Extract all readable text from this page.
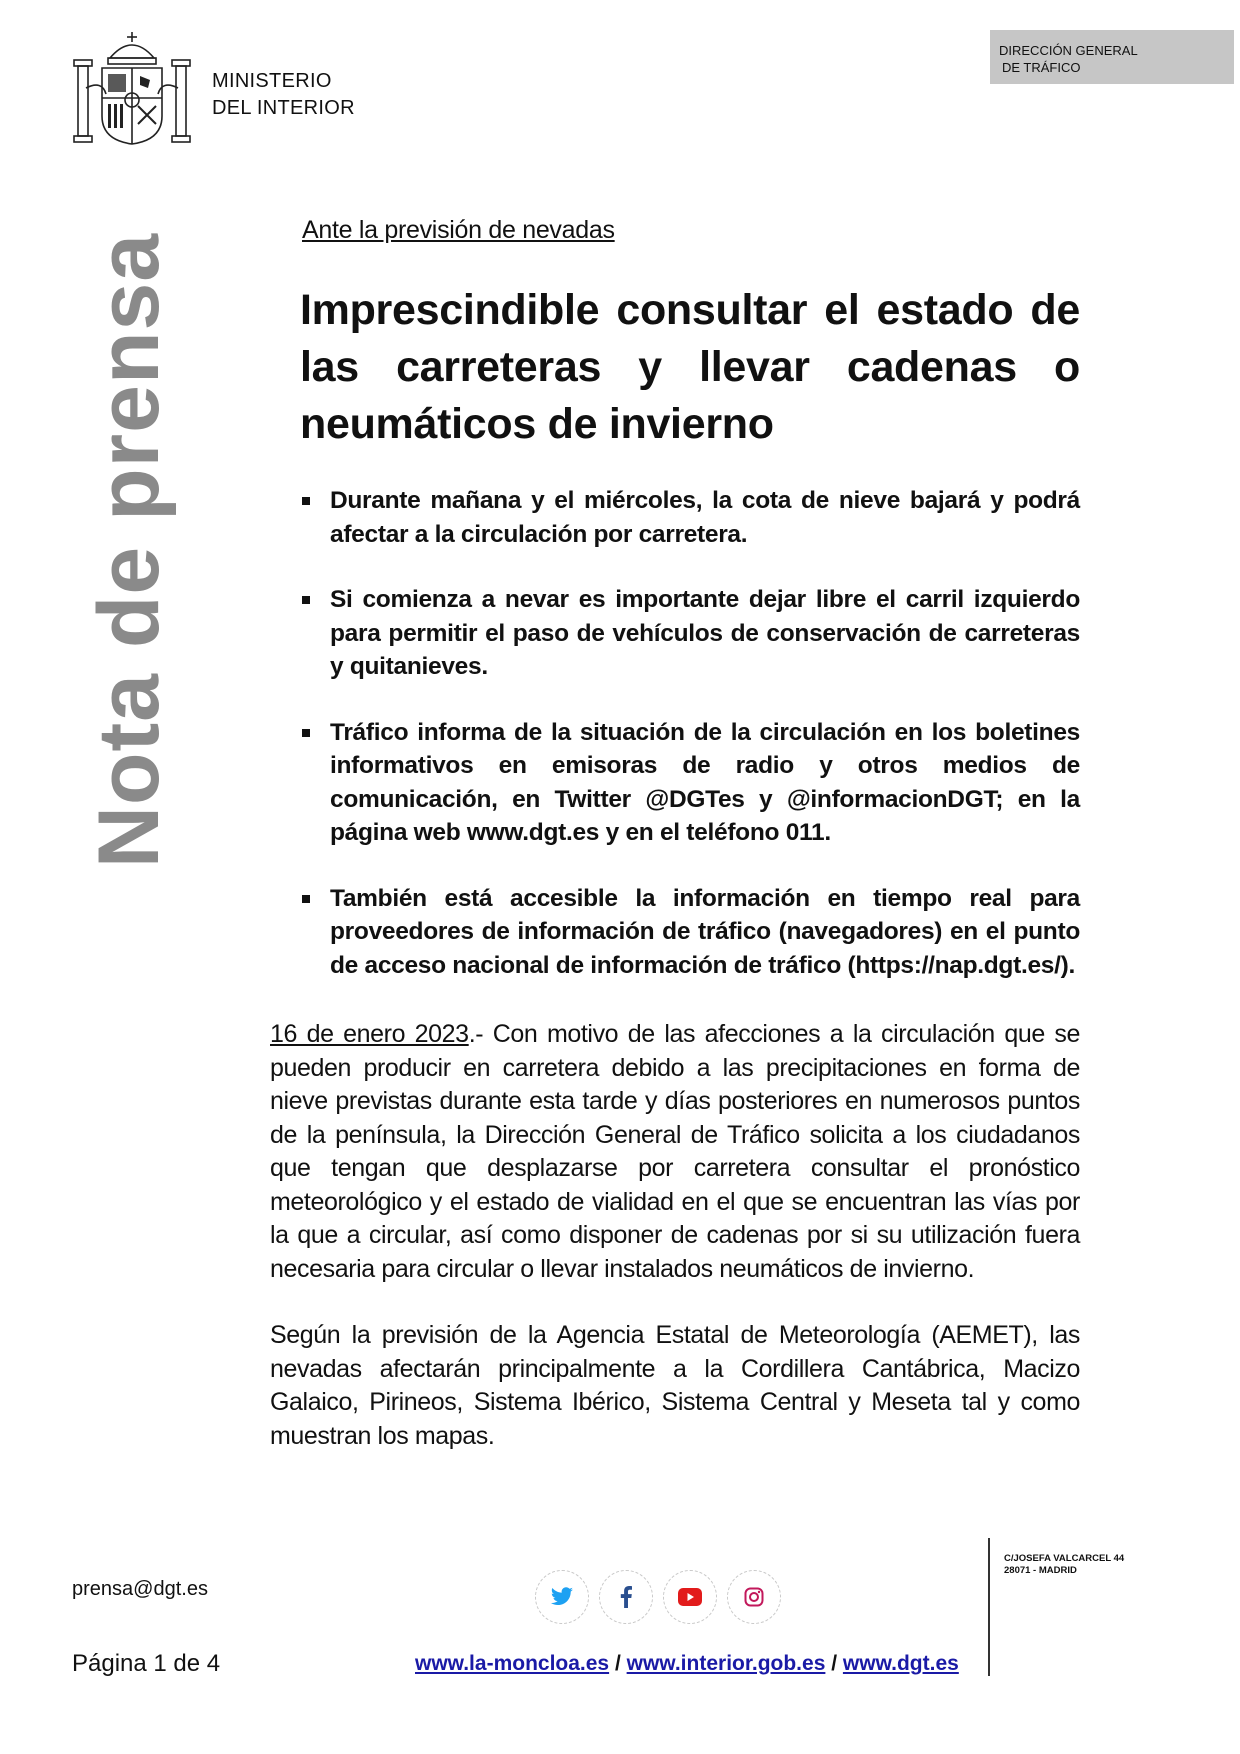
MINISTERIO
DEL INTERIOR
DIRECCIÓN GENERAL
DE TRÁFICO
Nota de prensa
Ante la previsión de nevadas
Imprescindible consultar el estado de las carreteras y llevar cadenas o neumáticos de invierno
Durante mañana y el miércoles, la cota de nieve bajará y podrá afectar a la circulación por carretera.
Si comienza a nevar es importante dejar libre el carril izquierdo para permitir el paso de vehículos de conservación de carreteras y quitanieves.
Tráfico informa de la situación de la circulación en los boletines informativos en emisoras de radio y otros medios de comunicación, en Twitter @DGTes y @informacionDGT; en la página web www.dgt.es y en el teléfono 011.
También está accesible la información en tiempo real para proveedores de información de tráfico (navegadores) en el punto de acceso nacional de información de tráfico (https://nap.dgt.es/).

16 de enero 2023.- Con motivo de las afecciones a la circulación que se pueden producir en carretera debido a las precipitaciones en forma de nieve previstas durante esta tarde y días posteriores en numerosos puntos de la península, la Dirección General de Tráfico solicita a los ciudadanos que tengan que desplazarse por carretera consultar el pronóstico meteorológico y el estado de vialidad en el que se encuentran las vías por la que a circular, así como disponer de cadenas por si su utilización fuera necesaria para circular o llevar instalados neumáticos de invierno.

Según la previsión de la Agencia Estatal de Meteorología (AEMET), las nevadas afectarán principalmente a la Cordillera Cantábrica, Macizo Galaico, Pirineos, Sistema Ibérico, Sistema Central y Meseta tal y como muestran los mapas.

prensa@dgt.es
Página 1 de 4	www.la-moncloa.es / www.interior.gob.es / www.dgt.es
C/JOSEFA VALCARCEL 44
28071 - MADRID
